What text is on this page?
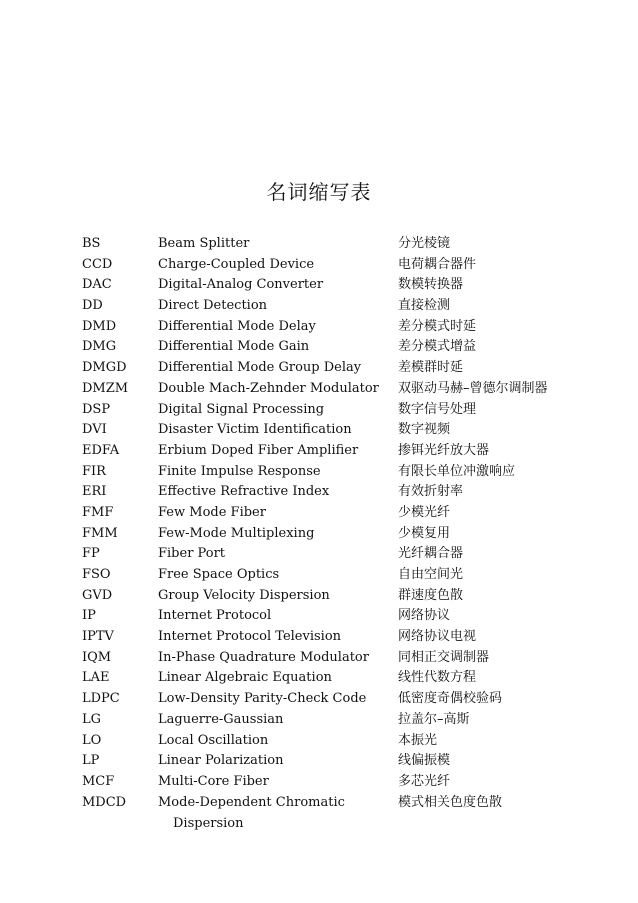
名词缩写表
BS	Beam Splitter	分光棱镜
CCD	Charge-Coupled Device	电荷耦合器件
DAC	Digital-Analog Converter	数模转换器
DD	Direct Detection	直接检测
DMD	Differential Mode Delay	差分模式时延
DMG	Differential Mode Gain	差分模式增益
DMGD Differential Mode Group Delay	差模群时延
DMZM Double Mach-Zehnder Modulator 双驱动马赫–曾德尔调制器
DSP	Digital Signal Processing	数字信号处理
DVI	Disaster Victim Identification	数字视频
EDFA	Erbium Doped Fiber Amplifier	掺铒光纤放大器
FIR	Finite Impulse Response	有限长单位冲激响应
ERI	Effective Refractive Index	有效折射率
FMF	Few Mode Fiber	少模光纤
FMM	Few-Mode Multiplexing	少模复用
FP	Fiber Port	光纤耦合器
FSO	Free Space Optics	自由空间光
GVD	Group Velocity Dispersion	群速度色散
IP	Internet Protocol	网络协议
IPTV	Internet Protocol Television	网络协议电视
IQM	In-Phase Quadrature Modulator 同相正交调制器
LAE	Linear Algebraic Equation	线性代数方程
LDPC	Low-Density Parity-Check Code 低密度奇偶校验码
LG	Laguerre-Gaussian	拉盖尔–高斯
LO	Local Oscillation	本振光
LP	Linear Polarization	线偏振模
MCF	Multi-Core Fiber	多芯光纤
MDCD Mode-Dependent Chromatic	模式相关色度色散
Dispersion
